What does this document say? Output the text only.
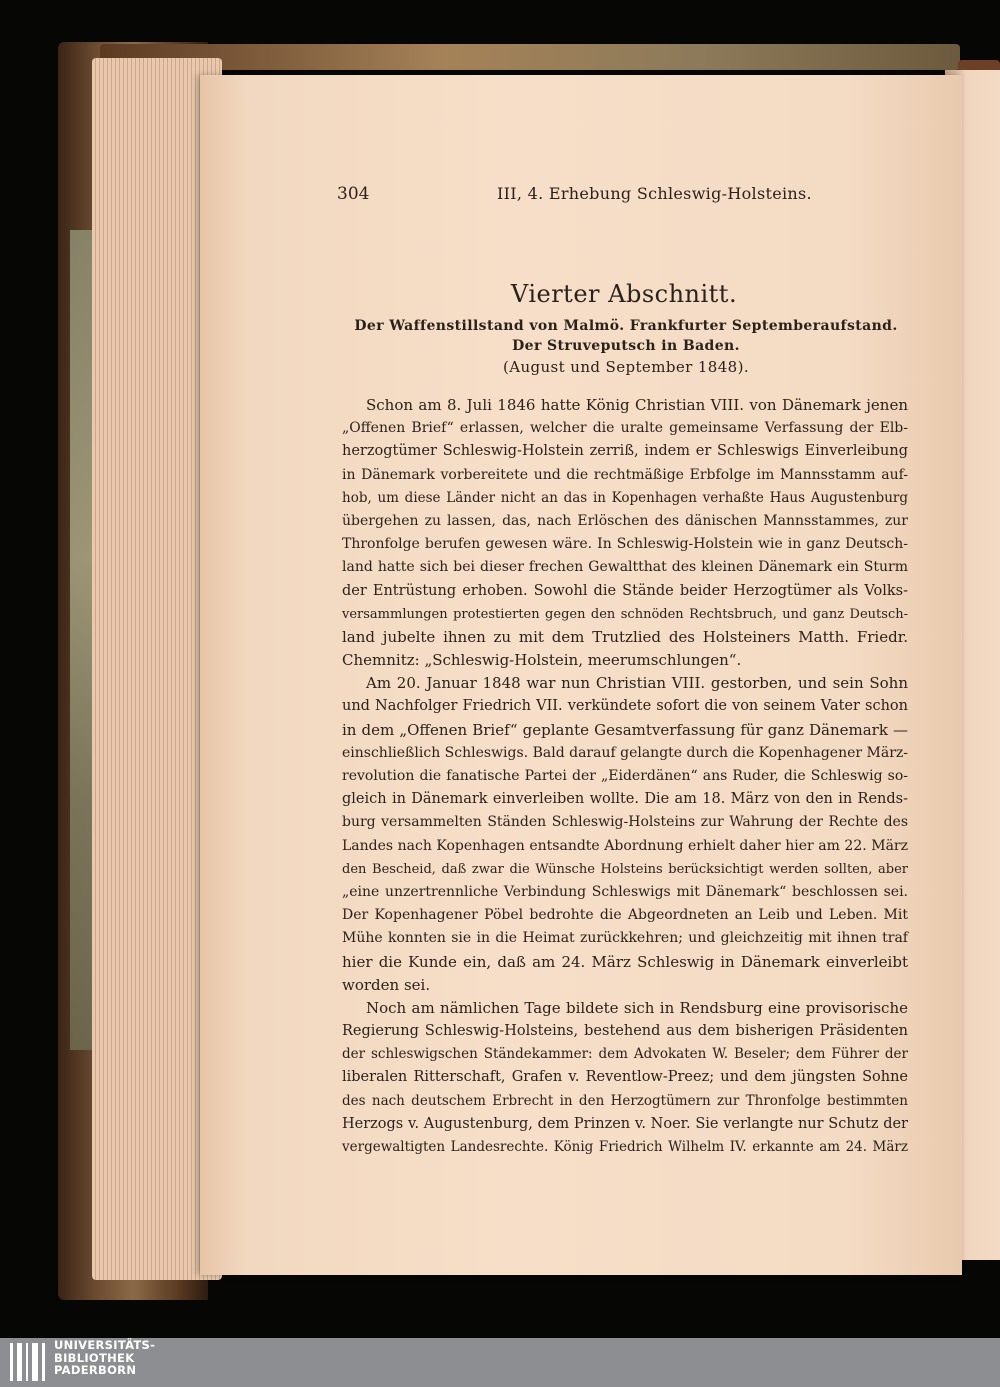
304	III, 4. Erhebung Schleswig-Holsteins.
Vierter Abschnitt.
Der Waffenstillstand von Malmö. Frankfurter Septemberaufstand.
Der Struveputsch in Baden.
(August und September 1848).
Schon am 8. Juli 1846 hatte König Christian VIII. von Dänemark jenen
„Offenen Brief“ erlassen, welcher die uralte gemeinsame Verfassung der Elb-
herzogtümer Schleswig-Holstein zerriß, indem er Schleswigs Einverleibung
in Dänemark vorbereitete und die rechtmäßige Erbfolge im Mannsstamm auf-
hob, um diese Länder nicht an das in Kopenhagen verhaßte Haus Augustenburg
übergehen zu lassen, das, nach Erlöschen des dänischen Mannsstammes, zur
Thronfolge berufen gewesen wäre. In Schleswig-Holstein wie in ganz Deutsch-
land hatte sich bei dieser frechen Gewaltthat des kleinen Dänemark ein Sturm
der Entrüstung erhoben. Sowohl die Stände beider Herzogtümer als Volks-
versammlungen protestierten gegen den schnöden Rechtsbruch, und ganz Deutsch-
land jubelte ihnen zu mit dem Trutzlied des Holsteiners Matth. Friedr.
Chemnitz: „Schleswig-Holstein, meerumschlungen“.
Am 20. Januar 1848 war nun Christian VIII. gestorben, und sein Sohn
und Nachfolger Friedrich VII. verkündete sofort die von seinem Vater schon
in dem „Offenen Brief“ geplante Gesamtverfassung für ganz Dänemark —
einschließlich Schleswigs. Bald darauf gelangte durch die Kopenhagener März-
revolution die fanatische Partei der „Eiderdänen“ ans Ruder, die Schleswig so-
gleich in Dänemark einverleiben wollte. Die am 18. März von den in Rends-
burg versammelten Ständen Schleswig-Holsteins zur Wahrung der Rechte des
Landes nach Kopenhagen entsandte Abordnung erhielt daher hier am 22. März
den Bescheid, daß zwar die Wünsche Holsteins berücksichtigt werden sollten, aber
„eine unzertrennliche Verbindung Schleswigs mit Dänemark“ beschlossen sei.
Der Kopenhagener Pöbel bedrohte die Abgeordneten an Leib und Leben. Mit
Mühe konnten sie in die Heimat zurückkehren; und gleichzeitig mit ihnen traf
hier die Kunde ein, daß am 24. März Schleswig in Dänemark einverleibt
worden sei.
Noch am nämlichen Tage bildete sich in Rendsburg eine provisorische
Regierung Schleswig-Holsteins, bestehend aus dem bisherigen Präsidenten
der schleswigschen Ständekammer: dem Advokaten W. Beseler; dem Führer der
liberalen Ritterschaft, Grafen v. Reventlow-Preez; und dem jüngsten Sohne
des nach deutschem Erbrecht in den Herzogtümern zur Thronfolge bestimmten
Herzogs v. Augustenburg, dem Prinzen v. Noer. Sie verlangte nur Schutz der
vergewaltigten Landesrechte. König Friedrich Wilhelm IV. erkannte am 24. März
UNIVERSITÄTS-
BIBLIOTHEK
PADERBORN
